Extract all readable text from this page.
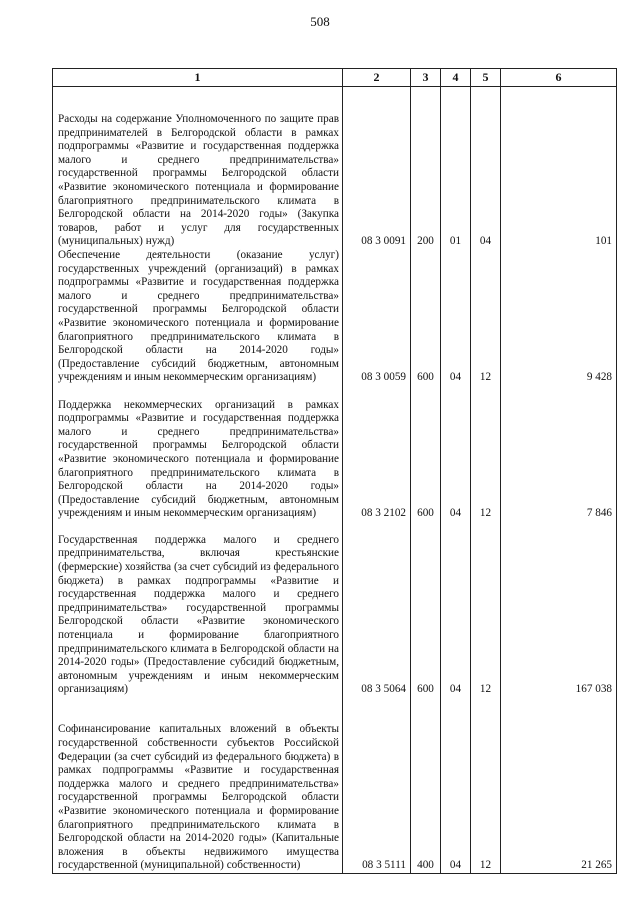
508
1	2	3	4	5	6
Расходы на содержание Уполномоченного по защите прав предпринимателей в Белгородской области в рамках подпрограммы «Развитие и государственная поддержка малого и среднего предпринимательства» государственной программы Белгородской области «Развитие экономического потенциала и формирование благоприятного предпринимательского климата в Белгородской области на 2014-2020 годы» (Закупка товаров, работ и услуг для государственных (муниципальных) нужд)	08 3 0091	200	01	04	101
Обеспечение деятельности (оказание услуг) государственных учреждений (организаций) в рамках подпрограммы «Развитие и государственная поддержка малого и среднего предпринимательства» государственной программы Белгородской области «Развитие экономического потенциала и формирование благоприятного предпринимательского климата в Белгородской области на 2014-2020 годы» (Предоставление субсидий бюджетным, автономным учреждениям и иным некоммерческим организациям)	08 3 0059	600	04	12	9 428
Поддержка некоммерческих организаций в рамках подпрограммы «Развитие и государственная поддержка малого и среднего предпринимательства» государственной программы Белгородской области «Развитие экономического потенциала и формирование благоприятного предпринимательского климата в Белгородской области на 2014-2020 годы» (Предоставление субсидий бюджетным, автономным учреждениям и иным некоммерческим организациям)	08 3 2102	600	04	12	7 846
Государственная поддержка малого и среднего предпринимательства, включая крестьянские (фермерские) хозяйства (за счет субсидий из федерального бюджета) в рамках подпрограммы «Развитие и государственная поддержка малого и среднего предпринимательства» государственной программы Белгородской области «Развитие экономического потенциала и формирование благоприятного предпринимательского климата в Белгородской области на 2014-2020 годы» (Предоставление субсидий бюджетным, автономным учреждениям и иным некоммерческим организациям)	08 3 5064	600	04	12	167 038
Софинансирование капитальных вложений в объекты государственной собственности субъектов Российской Федерации (за счет субсидий из федерального бюджета) в рамках подпрограммы «Развитие и государственная поддержка малого и среднего предпринимательства» государственной программы Белгородской области «Развитие экономического потенциала и формирование благоприятного предпринимательского климата в Белгородской области на 2014-2020 годы» (Капитальные вложения в объекты недвижимого имущества государственной (муниципальной) собственности)	08 3 5111	400	04	12	21 265
